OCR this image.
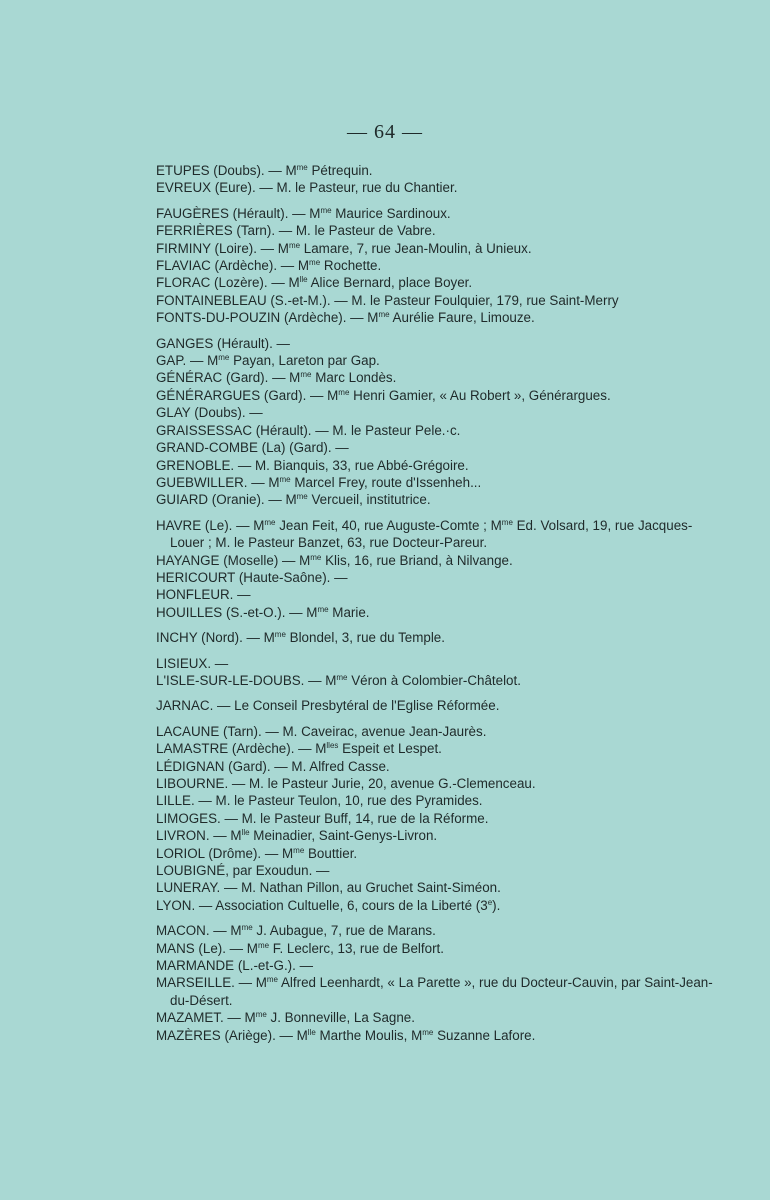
— 64 —
ETUPES (Doubs). — $M^{me}$ Pétrequin.
EVREUX (Eure). — M. le Pasteur, rue du Chantier.
FAUGÈRES (Hérault). — $M^{me}$ Maurice Sardinoux.
FERRIÈRES (Tarn). — M. le Pasteur de Vabre.
FIRMINY (Loire). — $M^{me}$ Lamare, 7, rue Jean-Moulin, à Unieux.
FLAVIAC (Ardèche). — $M^{me}$ Rochette.
FLORAC (Lozère). — $M^{lle}$ Alice Bernard, place Boyer.
FONTAINEBLEAU (S.-et-M.). — M. le Pasteur Foulquier, 179, rue Saint-Merry
FONTS-DU-POUZIN (Ardèche). — $M^{me}$ Aurélie Faure, Limouze.
GANGES (Hérault). —
GAP. — $M^{me}$ Payan, Lareton par Gap.
GÉNÉRAC (Gard). — $M^{me}$ Marc Londès.
GÉNÉRARGUES (Gard). — $M^{me}$ Henri Gamier, « Au Robert », Générargues.
GLAY (Doubs). —
GRAISSESSAC (Hérault). — M. le Pasteur Pele.·c.
GRAND-COMBE (La) (Gard). —
GRENOBLE. — M. Bianquis, 33, rue Abbé-Grégoire.
GUEBWILLER. — $M^{me}$ Marcel Frey, route d'Issenheh...
GUIARD (Oranie). — $M^{me}$ Vercueil, institutrice.
HAVRE (Le). — $M^{me}$ Jean Feit, 40, rue Auguste-Comte ; $M^{me}$ Ed. Volsard, 19, rue Jacques-Louer ; M. le Pasteur Banzet, 63, rue Docteur-Pareur.
HAYANGE (Moselle) — $M^{me}$ Klis, 16, rue Briand, à Nilvange.
HERICOURT (Haute-Saône). —
HONFLEUR. —
HOUILLES (S.-et-O.). — $M^{me}$ Marie.
INCHY (Nord). — $M^{me}$ Blondel, 3, rue du Temple.
LISIEUX. —
L'ISLE-SUR-LE-DOUBS. — $M^{me}$ Véron à Colombier-Châtelot.
JARNAC. — Le Conseil Presbytéral de l'Eglise Réformée.
LACAUNE (Tarn). — M. Caveirac, avenue Jean-Jaurès.
LAMASTRE (Ardèche). — $M^{lles}$ Espeit et Lespet.
LÉDIGNAN (Gard). — M. Alfred Casse.
LIBOURNE. — M. le Pasteur Jurie, 20, avenue G.-Clemenceau.
LILLE. — M. le Pasteur Teulon, 10, rue des Pyramides.
LIMOGES. — M. le Pasteur Buff, 14, rue de la Réforme.
LIVRON. — $M^{lle}$ Meinadier, Saint-Genys-Livron.
LORIOL (Drôme). — $M^{me}$ Bouttier.
LOUBIGNÉ, par Exoudun. —
LUNERAY. — M. Nathan Pillon, au Gruchet Saint-Siméon.
LYON. — Association Cultuelle, 6, cours de la Liberté (3e).
MACON. — $M^{me}$ J. Aubague, 7, rue de Marans.
MANS (Le). — $M^{me}$ F. Leclerc, 13, rue de Belfort.
MARMANDE (L.-et-G.). —
MARSEILLE. — $M^{me}$ Alfred Leenhardt, « La Parette », rue du Docteur-Cauvin, par Saint-Jean-du-Désert.
MAZAMET. — $M^{me}$ J. Bonneville, La Sagne.
MAZÈRES (Ariège). — $M^{lle}$ Marthe Moulis, $M^{me}$ Suzanne Lafore.
